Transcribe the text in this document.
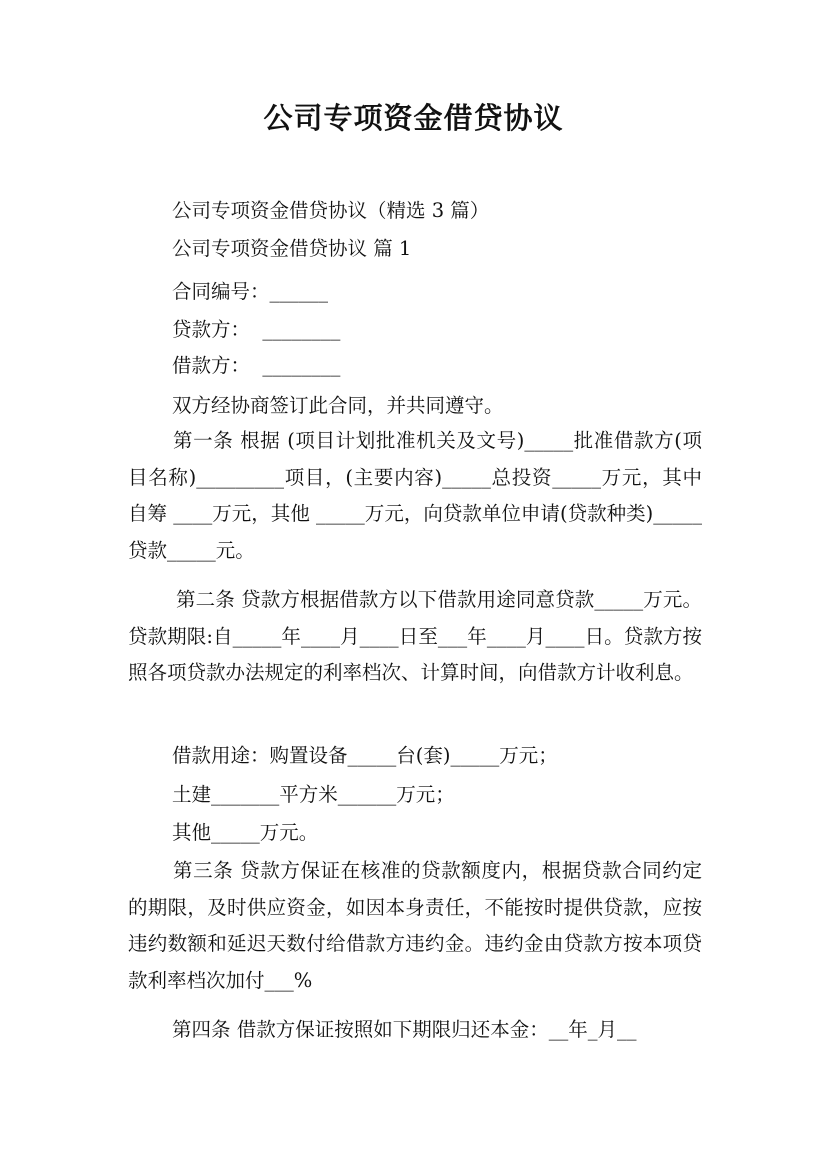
公司专项资金借贷协议
公司专项资金借贷协议（精选 3 篇）
公司专项资金借贷协议 篇 1
合同编号：______
贷款方：  ________
借款方：  ________
双方经协商签订此合同，并共同遵守。
第一条 根据 (项目计划批准机关及文号)_____批准借款方(项目名称)_________项目，(主要内容)_____总投资_____万元，其中自筹 ____万元，其他 _____万元，向贷款单位申请(贷款种类)_____贷款_____元。
第二条 贷款方根据借款方以下借款用途同意贷款_____万元。贷款期限:自_____年____月____日至___年____月____日。贷款方按照各项贷款办法规定的利率档次、计算时间，向借款方计收利息。
借款用途：购置设备_____台(套)_____万元；
土建_______平方米______万元；
其他_____万元。
第三条 贷款方保证在核准的贷款额度内，根据贷款合同约定的期限，及时供应资金，如因本身责任，不能按时提供贷款，应按违约数额和延迟天数付给借款方违约金。违约金由贷款方按本项贷款利率档次加付___%
第四条 借款方保证按照如下期限归还本金：__年_月__
